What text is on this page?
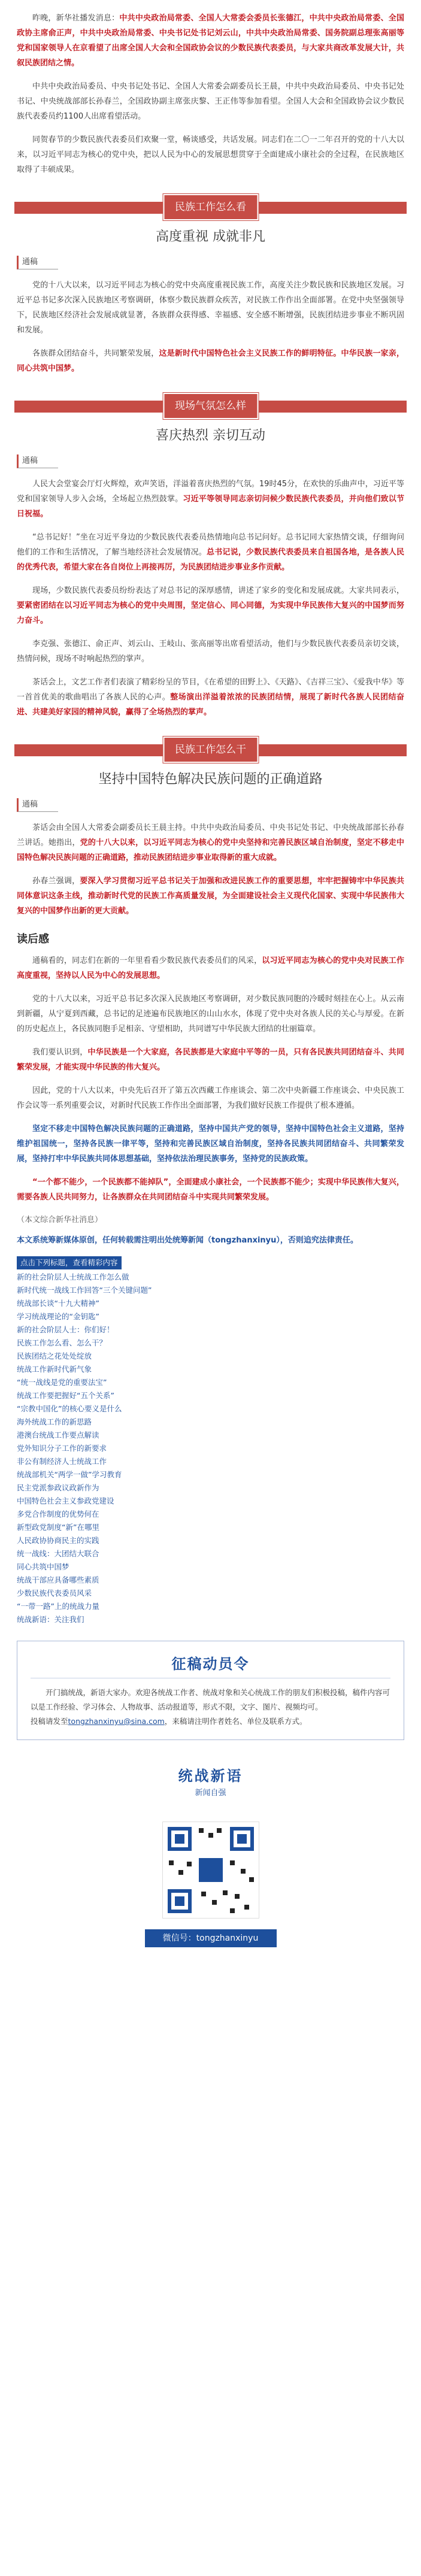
昨晚，新华社播发消息：中共中央政治局常委、全国人大常委会委员长张德江，中共中央政治局常委、全国政协主席俞正声，中共中央政治局常委、中央书记处书记刘云山，中共中央政治局常委、国务院副总理张高丽等党和国家领导人在京看望了出席全国人大会和全国政协会议的少数民族代表委员，与大家共商改革发展大计，共叙民族团结之情。

中共中央政治局委员、中央书记处书记、全国人大常委会副委员长王晨，中共中央政治局委员、中央书记处书记、中央统战部部长孙春兰，全国政协副主席张庆黎、王正伟等参加看望。全国人大会和全国政协会议少数民族代表委员约1100人出席看望活动。

同贺春节的少数民族代表委员们欢聚一堂，畅谈感受，共话发展。同志们在二〇一二年召开的党的十八大以来，以习近平同志为核心的党中央，把以人民为中心的发展思想贯穿于全面建成小康社会的全过程，在民族地区取得了丰硕成果。

民族工作怎么看
高度重视 成就非凡
通稿

党的十八大以来，以习近平同志为核心的党中央高度重视民族工作，高度关注少数民族和民族地区发展。习近平总书记多次深入民族地区考察调研，体察少数民族群众疾苦，对民族工作作出全面部署。在党中央坚强领导下，民族地区经济社会发展成就显著，各族群众获得感、幸福感、安全感不断增强，民族团结进步事业不断巩固和发展。

各族群众团结奋斗，共同繁荣发展，这是新时代中国特色社会主义民族工作的鲜明特征。中华民族一家亲，同心共筑中国梦。

现场气氛怎么样
喜庆热烈 亲切互动
通稿

人民大会堂宴会厅灯火辉煌，欢声笑语，洋溢着喜庆热烈的气氛。19时45分，在欢快的乐曲声中，习近平等党和国家领导人步入会场，全场起立热烈鼓掌。习近平等领导同志亲切问候少数民族代表委员，并向他们致以节日祝福。

“总书记好！”坐在习近平身边的少数民族代表委员热情地向总书记问好。总书记同大家热情交谈，仔细询问他们的工作和生活情况，了解当地经济社会发展情况。总书记说，少数民族代表委员来自祖国各地，是各族人民的优秀代表，希望大家在各自岗位上再接再厉，为民族团结进步事业多作贡献。

现场，少数民族代表委员纷纷表达了对总书记的深厚感情，讲述了家乡的变化和发展成就。大家共同表示，要紧密团结在以习近平同志为核心的党中央周围，坚定信心、同心同德，为实现中华民族伟大复兴的中国梦而努力奋斗。

李克强、张德江、俞正声、刘云山、王岐山、张高丽等出席看望活动，他们与少数民族代表委员亲切交谈，热情问候，现场不时响起热烈的掌声。

茶话会上，文艺工作者们表演了精彩纷呈的节目，《在希望的田野上》、《天路》、《吉祥三宝》、《爱我中华》等一首首优美的歌曲唱出了各族人民的心声。整场演出洋溢着浓浓的民族团结情，展现了新时代各族人民团结奋进、共建美好家园的精神风貌，赢得了全场热烈的掌声。

民族工作怎么干
坚持中国特色解决民族问题的正确道路
通稿

茶话会由全国人大常委会副委员长王晨主持。中共中央政治局委员、中央书记处书记、中央统战部部长孙春兰讲话。她指出，党的十八大以来，以习近平同志为核心的党中央坚持和完善民族区域自治制度，坚定不移走中国特色解决民族问题的正确道路，推动民族团结进步事业取得新的重大成就。

孙春兰强调，要深入学习贯彻习近平总书记关于加强和改进民族工作的重要思想，牢牢把握铸牢中华民族共同体意识这条主线，推动新时代党的民族工作高质量发展，为全面建设社会主义现代化国家、实现中华民族伟大复兴的中国梦作出新的更大贡献。

读后感

通稿看的，同志们在新的一年里看看少数民族代表委员们的风采，以习近平同志为核心的党中央对民族工作高度重视，坚持以人民为中心的发展思想。

党的十八大以来，习近平总书记多次深入民族地区考察调研，对少数民族同胞的冷暖时刻挂在心上。从云南到新疆，从宁夏到西藏，总书记的足迹遍布民族地区的山山水水，体现了党中央对各族人民的关心与厚爱。在新的历史起点上，各民族同胞手足相亲、守望相助，共同谱写中华民族大团结的壮丽篇章。

我们要认识到，中华民族是一个大家庭，各民族都是大家庭中平等的一员，只有各民族共同团结奋斗、共同繁荣发展，才能实现中华民族的伟大复兴。

因此，党的十八大以来，中央先后召开了第五次西藏工作座谈会、第二次中央新疆工作座谈会、中央民族工作会议等一系列重要会议，对新时代民族工作作出全面部署，为我们做好民族工作提供了根本遵循。

坚定不移走中国特色解决民族问题的正确道路，坚持中国共产党的领导，坚持中国特色社会主义道路，坚持维护祖国统一，坚持各民族一律平等，坚持和完善民族区域自治制度，坚持各民族共同团结奋斗、共同繁荣发展，坚持打牢中华民族共同体思想基础，坚持依法治理民族事务，坚持党的民族政策。

“一个都不能少，一个民族都不能掉队”，全面建成小康社会，一个民族都不能少；实现中华民族伟大复兴，需要各族人民共同努力，让各族群众在共同团结奋斗中实现共同繁荣发展。

（本文综合新华社消息）

本文系统筹新媒体原创，任何转载需注明出处统筹新闻（tongzhanxinyu），否则追究法律责任。

点击下列标题，查看精彩内容
新的社会阶层人士统战工作怎么做
新时代统一战线工作回答“三个关键问题”
统战部长谈“十九大精神”
学习统战理论的“金钥匙”
新的社会阶层人士：你们好！
民族工作怎么看、怎么干？
民族团结之花处处绽放
统战工作新时代新气象
“统一战线是党的重要法宝”
统战工作要把握好“五个关系”
“宗教中国化”的核心要义是什么
海外统战工作的新思路
港澳台统战工作要点解读
党外知识分子工作的新要求
非公有制经济人士统战工作
统战部机关“两学一做”学习教育
民主党派参政议政新作为
中国特色社会主义参政党建设
多党合作制度的优势何在
新型政党制度“新”在哪里
人民政协协商民主的实践
统一战线：大团结大联合
同心共筑中国梦
统战干部应具备哪些素质
少数民族代表委员风采
“一带一路”上的统战力量
统战新语：关注我们
征稿动员令
开门搞统战，新语大家办。欢迎各统战工作者、统战对象和关心统战工作的朋友们积极投稿，稿件内容可以是工作经验、学习体会、人物故事、活动报道等，形式不限，文字、图片、视频均可。
投稿请发至tongzhanxinyu@sina.com，来稿请注明作者姓名、单位及联系方式。
统战新语
新闻自强
微信号：tongzhanxinyu
